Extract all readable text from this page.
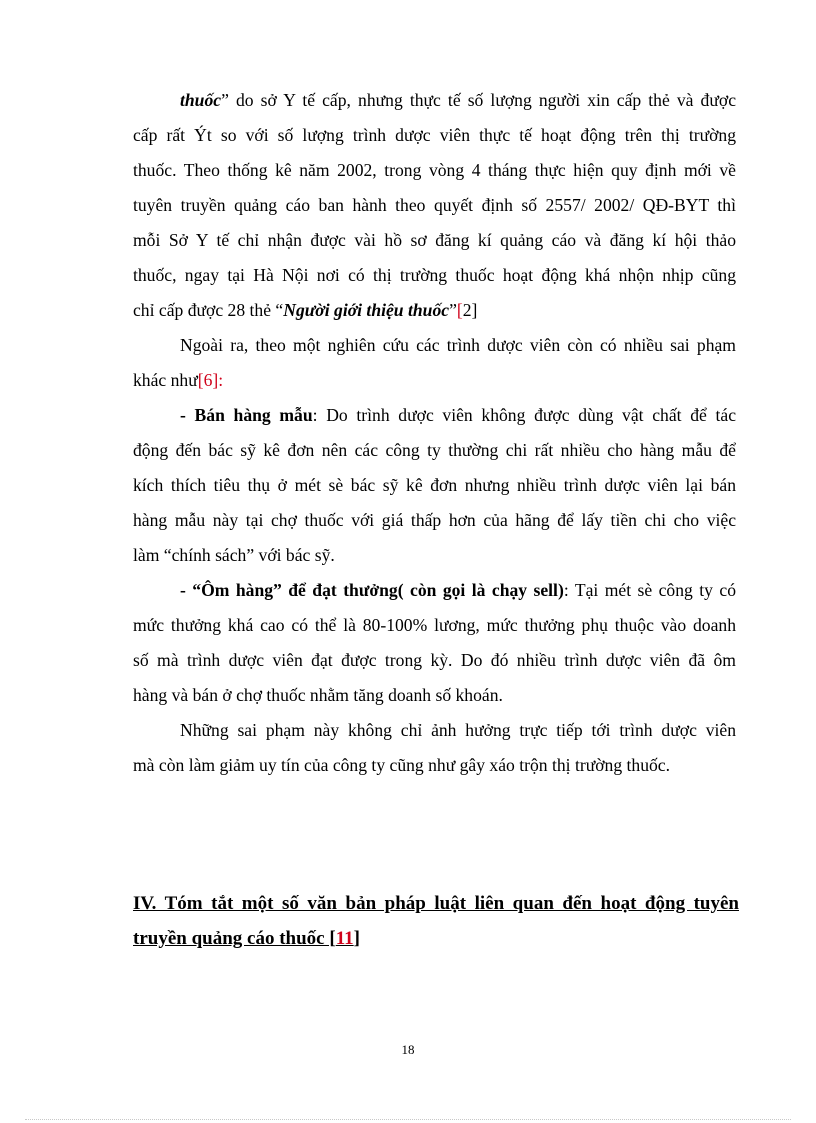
thuốc” do sở Y tế cấp, nhưng thực tế số lượng người xin cấp thẻ và được
cấp rất Ýt so với số lượng trình dược viên thực tế hoạt động trên thị trường
thuốc. Theo thống kê năm 2002, trong vòng 4 tháng thực hiện quy định mới về
tuyên truyền quảng cáo ban hành theo quyết định số 2557/ 2002/ QĐ-BYT thì
mỗi Sở Y tế chỉ nhận được vài hồ sơ đăng kí quảng cáo và đăng kí hội thảo
thuốc, ngay tại Hà Nội nơi có thị trường thuốc hoạt động khá nhộn nhịp cũng
chỉ cấp được 28 thẻ “Người giới thiệu thuốc”[2]
Ngoài ra, theo một nghiên cứu các trình dược viên còn có nhiều sai phạm
khác như[6]:
- Bán hàng mẫu: Do trình dược viên không được dùng vật chất để tác
động đến bác sỹ kê đơn nên các công ty thường chi rất nhiều cho hàng mẫu để
kích thích tiêu thụ ở mét sè bác sỹ kê đơn nhưng nhiều trình dược viên lại bán
hàng mẫu này tại chợ thuốc với giá thấp hơn của hãng để lấy tiền chi cho việc
làm “chính sách” với bác sỹ.
- “Ôm hàng” để đạt thưởng( còn gọi là chạy sell): Tại mét sè công ty có
mức thưởng khá cao có thể là 80-100% lương, mức thưởng phụ thuộc vào doanh
số mà trình dược viên đạt được trong kỳ. Do đó nhiều trình dược viên đã ôm
hàng và bán ở chợ thuốc nhằm tăng doanh số khoán.
Những sai phạm này không chỉ ảnh hưởng trực tiếp tới trình dược viên
mà còn làm giảm uy tín của công ty cũng như gây xáo trộn thị trường thuốc.
IV. Tóm tắt một số văn bản pháp luật liên quan đến hoạt động tuyên
truyền quảng cáo thuốc [11]
18
